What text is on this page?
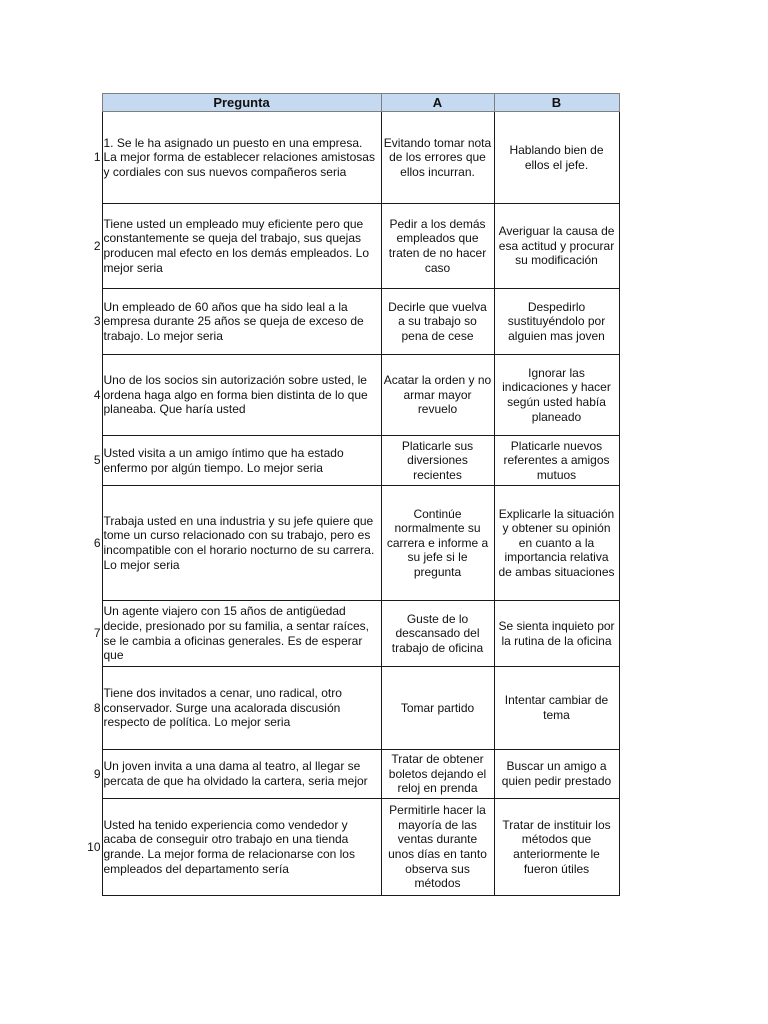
	Pregunta	A	B
1	1. Se le ha asignado un puesto en una empresa. La mejor forma de establecer relaciones amistosas y cordiales con sus nuevos compañeros seria	Evitando tomar nota de los errores que ellos incurran.	Hablando bien de ellos el jefe.
2	Tiene usted un empleado muy eficiente pero que constantemente se queja del trabajo, sus quejas producen mal efecto en los demás empleados. Lo mejor seria	Pedir a los demás empleados que traten de no hacer caso	Averiguar la causa de esa actitud y procurar su modificación
3	Un empleado de 60 años que ha sido leal a la empresa durante 25 años se queja de exceso de trabajo. Lo mejor seria	Decirle que vuelva a su trabajo so pena de cese	Despedirlo sustituyéndolo por alguien mas joven
4	Uno de los socios sin autorización sobre usted, le ordena haga algo en forma bien distinta de lo que planeaba. Que haría usted	Acatar la orden y no armar mayor revuelo	Ignorar las indicaciones y hacer según usted había planeado
5	Usted visita a un amigo íntimo que ha estado enfermo por algún tiempo. Lo mejor seria	Platicarle sus diversiones recientes	Platicarle nuevos referentes a amigos mutuos
6	Trabaja usted en una industria y su jefe quiere que tome un curso relacionado con su trabajo, pero es incompatible con el horario nocturno de su carrera. Lo mejor seria	Continúe normalmente su carrera e informe a su jefe si le pregunta	Explicarle la situación y obtener su opinión en cuanto a la importancia relativa de ambas situaciones
7	Un agente viajero con 15 años de antigüedad decide, presionado por su familia, a sentar raíces, se le cambia a oficinas generales. Es de esperar que	Guste de lo descansado del trabajo de oficina	Se sienta inquieto por la rutina de la oficina
8	Tiene dos invitados a cenar, uno radical, otro conservador. Surge una acalorada discusión respecto de política. Lo mejor seria	Tomar partido	Intentar cambiar de tema
9	Un joven invita a una dama al teatro, al llegar se percata de que ha olvidado la cartera, seria mejor	Tratar de obtener boletos dejando el reloj en prenda	Buscar un amigo a quien pedir prestado
10	Usted ha tenido experiencia como vendedor y acaba de conseguir otro trabajo en una tienda grande. La mejor forma de relacionarse con los empleados del departamento sería	Permitirle hacer la mayoría de las ventas durante unos días en tanto observa sus métodos	Tratar de instituir los métodos que anteriormente le fueron útiles
